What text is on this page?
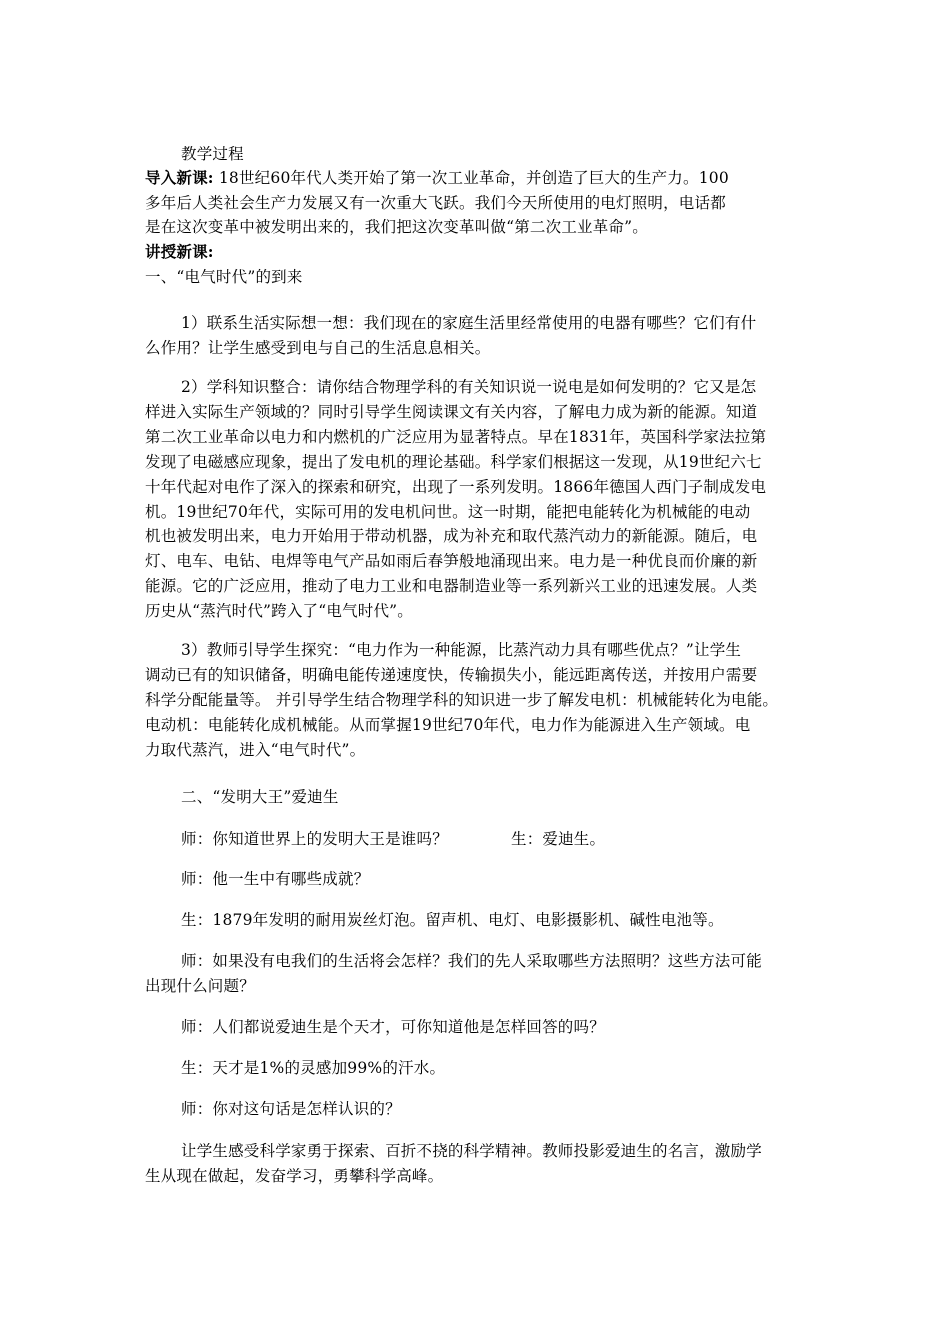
教学过程
导入新课: 18世纪60年代人类开始了第一次工业革命，并创造了巨大的生产力。100
多年后人类社会生产力发展又有一次重大飞跃。我们今天所使用的电灯照明，电话都
是在这次变革中被发明出来的，我们把这次变革叫做“第二次工业革命”。
讲授新课:
一、“电气时代”的到来
1）联系生活实际想一想：我们现在的家庭生活里经常使用的电器有哪些？它们有什
么作用？让学生感受到电与自己的生活息息相关。
2）学科知识整合：请你结合物理学科的有关知识说一说电是如何发明的？它又是怎
样进入实际生产领域的？同时引导学生阅读课文有关内容，了解电力成为新的能源。知道
第二次工业革命以电力和内燃机的广泛应用为显著特点。早在1831年，英国科学家法拉第
发现了电磁感应现象，提出了发电机的理论基础。科学家们根据这一发现，从19世纪六七
十年代起对电作了深入的探索和研究，出现了一系列发明。1866年德国人西门子制成发电
机。19世纪70年代，实际可用的发电机问世。这一时期，能把电能转化为机械能的电动
机也被发明出来，电力开始用于带动机器，成为补充和取代蒸汽动力的新能源。随后，电
灯、电车、电钻、电焊等电气产品如雨后春笋般地涌现出来。电力是一种优良而价廉的新
能源。它的广泛应用，推动了电力工业和电器制造业等一系列新兴工业的迅速发展。人类
历史从“蒸汽时代”跨入了“电气时代”。
3）教师引导学生探究：“电力作为一种能源，比蒸汽动力具有哪些优点？”让学生
调动已有的知识储备，明确电能传递速度快，传输损失小，能远距离传送，并按用户需要
科学分配能量等。 并引导学生结合物理学科的知识进一步了解发电机：机械能转化为电能。
电动机：电能转化成机械能。从而掌握19世纪70年代，电力作为能源进入生产领域。电
力取代蒸汽，进入“电气时代”。
二、“发明大王”爱迪生
师：你知道世界上的发明大王是谁吗？	生：爱迪生。
师：他一生中有哪些成就？
生：1879年发明的耐用炭丝灯泡。留声机、电灯、电影摄影机、碱性电池等。
师：如果没有电我们的生活将会怎样？我们的先人采取哪些方法照明？这些方法可能
出现什么问题？
师：人们都说爱迪生是个天才，可你知道他是怎样回答的吗？
生：天才是1%的灵感加99%的汗水。
师：你对这句话是怎样认识的？
让学生感受科学家勇于探索、百折不挠的科学精神。教师投影爱迪生的名言，激励学
生从现在做起，发奋学习，勇攀科学高峰。
